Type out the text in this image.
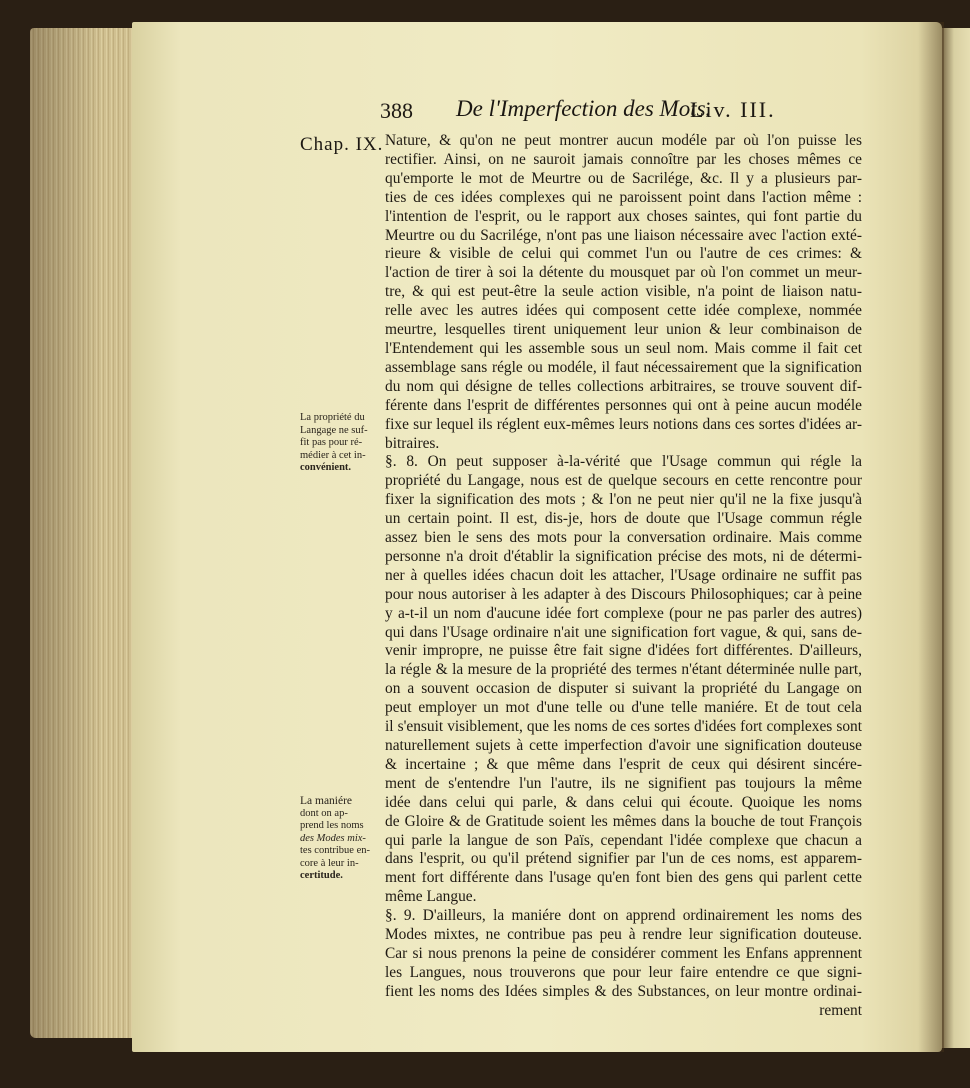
388 De l'Imperfection des Mots.
Liv. III.
Chap. IX.
La propriété du
Langage ne suf-
fit pas pour ré-
médier à cet in-
convénient.
La maniére
dont on ap-
prend les noms
des Modes mix-
tes contribue en-
core à leur in-
certitude.

Nature, & qu'on ne peut montrer aucun modéle par où l'on puisse les

rectifier. Ainsi, on ne sauroit jamais connoître par les choses mêmes ce

qu'emporte le mot de Meurtre ou de Sacrilége, &c. Il y a plusieurs par-

ties de ces idées complexes qui ne paroissent point dans l'action même :

l'intention de l'esprit, ou le rapport aux choses saintes, qui font partie du

Meurtre ou du Sacrilége, n'ont pas une liaison nécessaire avec l'action exté-

rieure & visible de celui qui commet l'un ou l'autre de ces crimes: &

l'action de tirer à soi la détente du mousquet par où l'on commet un meur-

tre, & qui est peut-être la seule action visible, n'a point de liaison natu-

relle avec les autres idées qui composent cette idée complexe, nommée

meurtre, lesquelles tirent uniquement leur union & leur combinaison de

l'Entendement qui les assemble sous un seul nom. Mais comme il fait cet

assemblage sans régle ou modéle, il faut nécessairement que la signification

du nom qui désigne de telles collections arbitraires, se trouve souvent dif-

férente dans l'esprit de différentes personnes qui ont à peine aucun modéle

fixe sur lequel ils réglent eux-mêmes leurs notions dans ces sortes d'idées ar-

bitraires.

§. 8. On peut supposer à-la-vérité que l'Usage commun qui régle la

propriété du Langage, nous est de quelque secours en cette rencontre pour

fixer la signification des mots ; & l'on ne peut nier qu'il ne la fixe jusqu'à

un certain point. Il est, dis-je, hors de doute que l'Usage commun régle

assez bien le sens des mots pour la conversation ordinaire. Mais comme

personne n'a droit d'établir la signification précise des mots, ni de détermi-

ner à quelles idées chacun doit les attacher, l'Usage ordinaire ne suffit pas

pour nous autoriser à les adapter à des Discours Philosophiques; car à peine

y a-t-il un nom d'aucune idée fort complexe (pour ne pas parler des autres)

qui dans l'Usage ordinaire n'ait une signification fort vague, & qui, sans de-

venir impropre, ne puisse être fait signe d'idées fort différentes. D'ailleurs,

la régle & la mesure de la propriété des termes n'étant déterminée nulle part,

on a souvent occasion de disputer si suivant la propriété du Langage on

peut employer un mot d'une telle ou d'une telle maniére. Et de tout cela

il s'ensuit visiblement, que les noms de ces sortes d'idées fort complexes sont

naturellement sujets à cette imperfection d'avoir une signification douteuse

& incertaine ; & que même dans l'esprit de ceux qui désirent sincére-

ment de s'entendre l'un l'autre, ils ne signifient pas toujours la même

idée dans celui qui parle, & dans celui qui écoute. Quoique les noms

de Gloire & de Gratitude soient les mêmes dans la bouche de tout François

qui parle la langue de son Païs, cependant l'idée complexe que chacun a

dans l'esprit, ou qu'il prétend signifier par l'un de ces noms, est apparem-

ment fort différente dans l'usage qu'en font bien des gens qui parlent cette

même Langue.

§. 9. D'ailleurs, la maniére dont on apprend ordinairement les noms des

Modes mixtes, ne contribue pas peu à rendre leur signification douteuse.

Car si nous prenons la peine de considérer comment les Enfans apprennent

les Langues, nous trouverons que pour leur faire entendre ce que signi-

fient les noms des Idées simples & des Substances, on leur montre ordinai-

rement
